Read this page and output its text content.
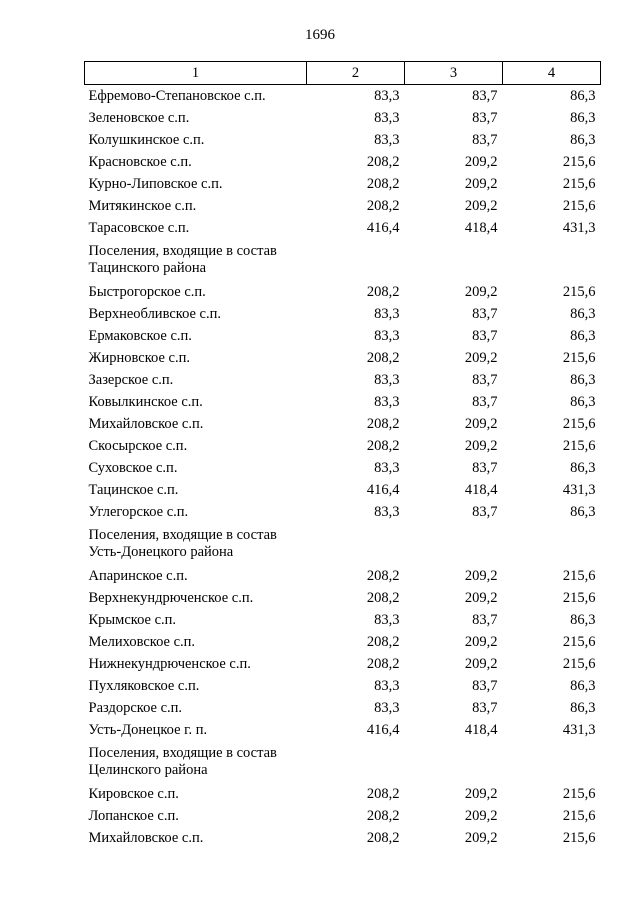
1696
1	2	3	4
Ефремово-Степановское с.п.	83,3	83,7	86,3
Зеленовское с.п.	83,3	83,7	86,3
Колушкинское с.п.	83,3	83,7	86,3
Красновское с.п.	208,2	209,2	215,6
Курно-Липовское с.п.	208,2	209,2	215,6
Митякинское с.п.	208,2	209,2	215,6
Тарасовское с.п.	416,4	418,4	431,3
Поселения, входящие в состав Тацинского района			
Быстрогорское с.п.	208,2	209,2	215,6
Верхнеобливское с.п.	83,3	83,7	86,3
Ермаковское с.п.	83,3	83,7	86,3
Жирновское с.п.	208,2	209,2	215,6
Зазерское с.п.	83,3	83,7	86,3
Ковылкинское с.п.	83,3	83,7	86,3
Михайловское с.п.	208,2	209,2	215,6
Скосырское с.п.	208,2	209,2	215,6
Суховское с.п.	83,3	83,7	86,3
Тацинское с.п.	416,4	418,4	431,3
Углегорское с.п.	83,3	83,7	86,3
Поселения, входящие в состав Усть-Донецкого района			
Апаринское с.п.	208,2	209,2	215,6
Верхнекундрюченское с.п.	208,2	209,2	215,6
Крымское с.п.	83,3	83,7	86,3
Мелиховское с.п.	208,2	209,2	215,6
Нижнекундрюченское с.п.	208,2	209,2	215,6
Пухляковское с.п.	83,3	83,7	86,3
Раздорское с.п.	83,3	83,7	86,3
Усть-Донецкое г. п.	416,4	418,4	431,3
Поселения, входящие в состав Целинского района			
Кировское с.п.	208,2	209,2	215,6
Лопанское с.п.	208,2	209,2	215,6
Михайловское с.п.	208,2	209,2	215,6
